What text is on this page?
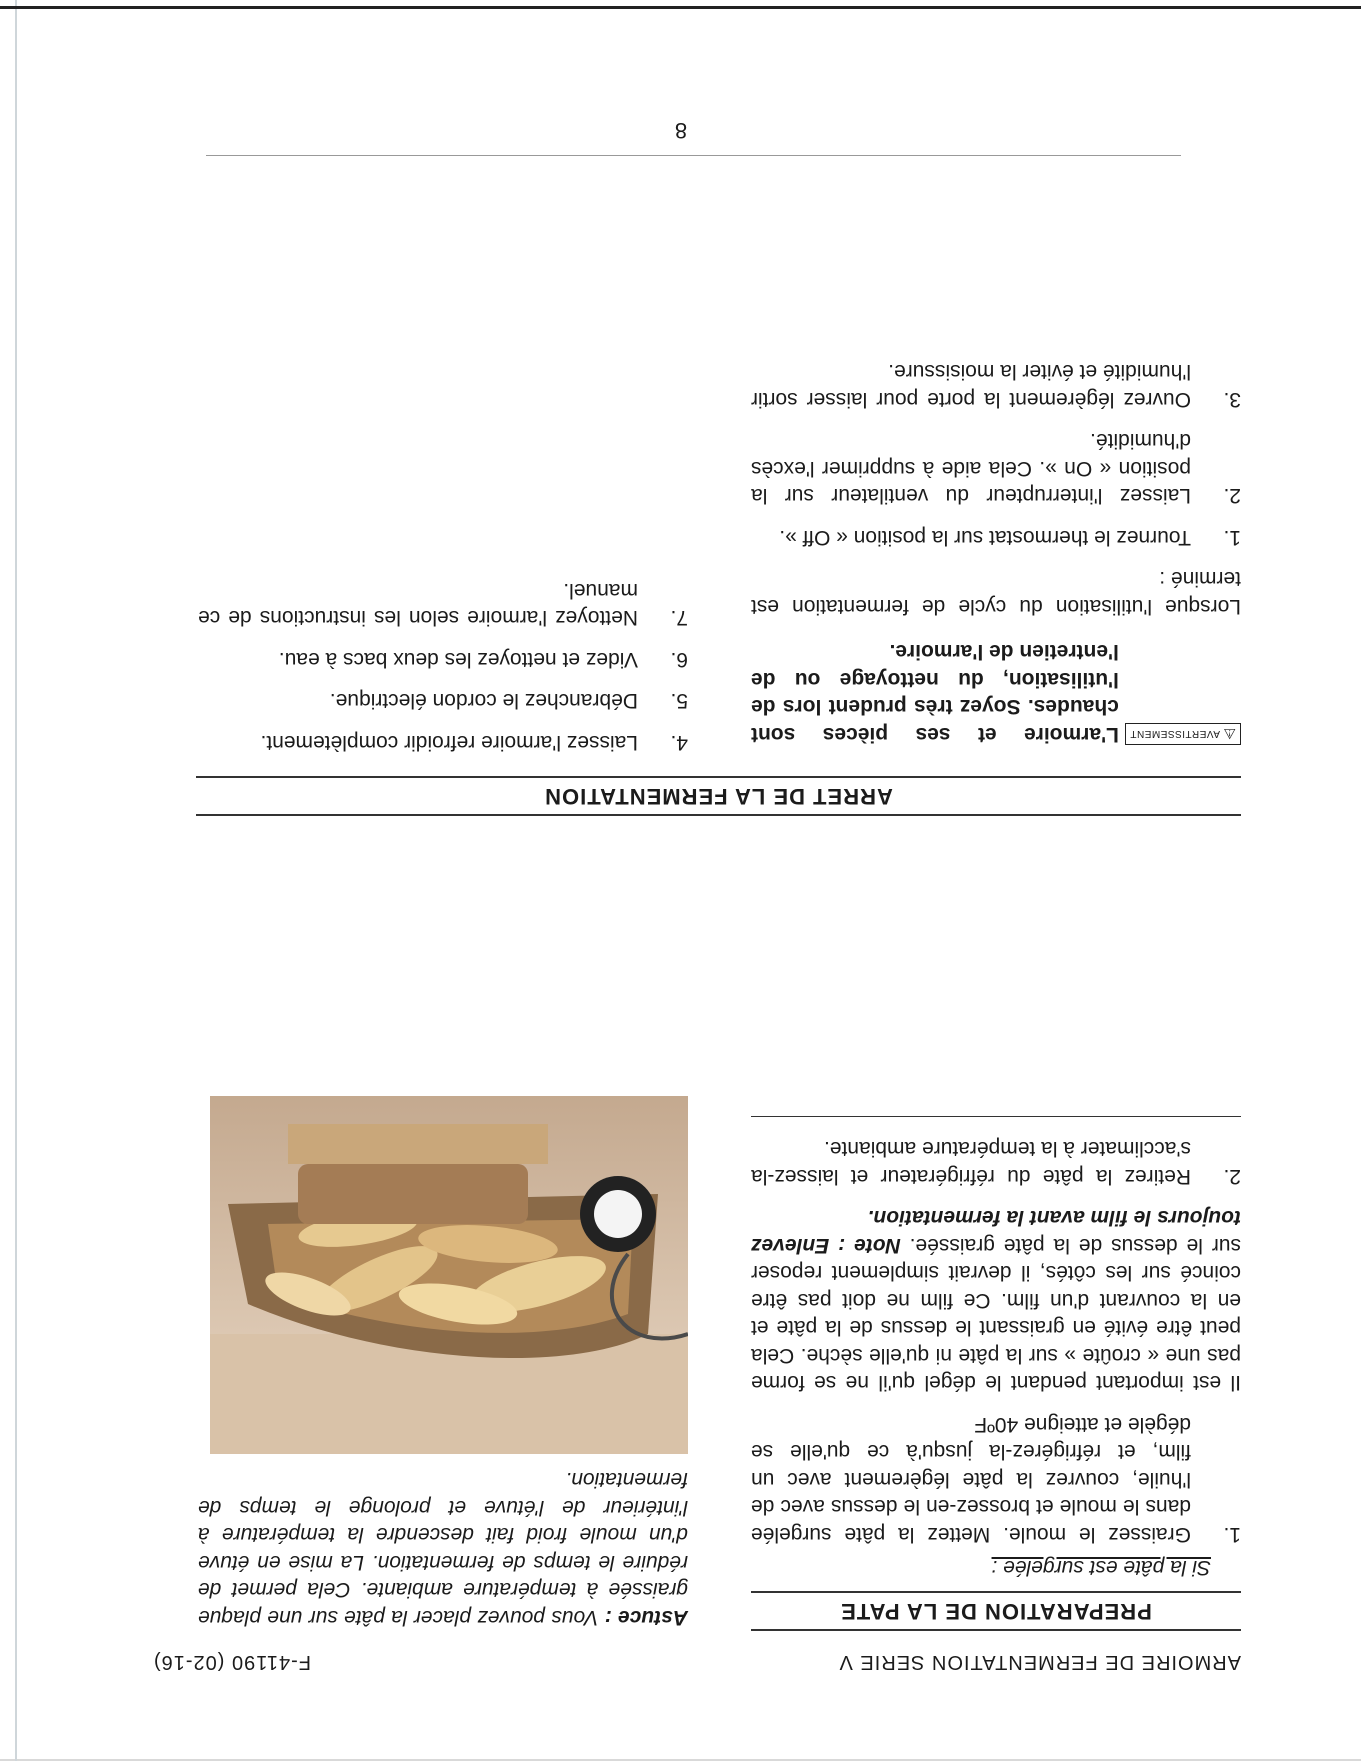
ARMOIRE DE FERMENTATION SERIE V
F-41190 (02-16)
PREPARATION DE LA PATE
Si la pâte est surgelée :
1.
Graissez le moule. Mettez la pâte surgelée dans le moule et brossez-en le dessus avec de l'huile, couvrez la pâte légèrement avec un film, et réfrigérez-la jusqu'à ce qu'elle se dégèle et atteigne 40ºF
Il est important pendant le dégel qu'il ne se forme pas une « croûte » sur la pâte ni qu'elle sèche. Cela peut être évité en graissant le dessus de la pâte et en la couvrant d'un film. Ce film ne doit pas être coincé sur les côtés, il devrait simplement reposer sur le dessus de la pâte graissée. Note : Enlevez toujours le film avant la fermentation.
2.
Retirez la pâte du réfrigérateur et laissez-la s'acclimater à la température ambiante.
Astuce : Vous pouvez placer la pâte sur une plaque graissée à température ambiante. Cela permet de réduire le temps de fermentation. La mise en étuve d'un moule froid fait descendre la température à l'intérieur de l'étuve et prolonge le temps de fermentation.
ARRET DE LA FERMENTATION
⚠
AVERTISSEMENT
L'armoire et ses pièces sont chaudes. Soyez très prudent lors de l'utilisation, du nettoyage ou de l'entretien de l'armoire.
Lorsque l'utilisation du cycle de fermentation est terminé :
1.
Tournez le thermostat sur la position « Off ».
2.
Laissez l'interrupteur du ventilateur sur la position « On ». Cela aide à supprimer l'excès d'humidité.
3.
Ouvrez légèrement la porte pour laisser sortir l'humidité et éviter la moisissure.
4.
Laissez l'armoire refroidir complètement.
5.
Débranchez le cordon électrique.
6.
Videz et nettoyez les deux bacs à eau.
7.
Nettoyez l'armoire selon les instructions de ce manuel.
8
